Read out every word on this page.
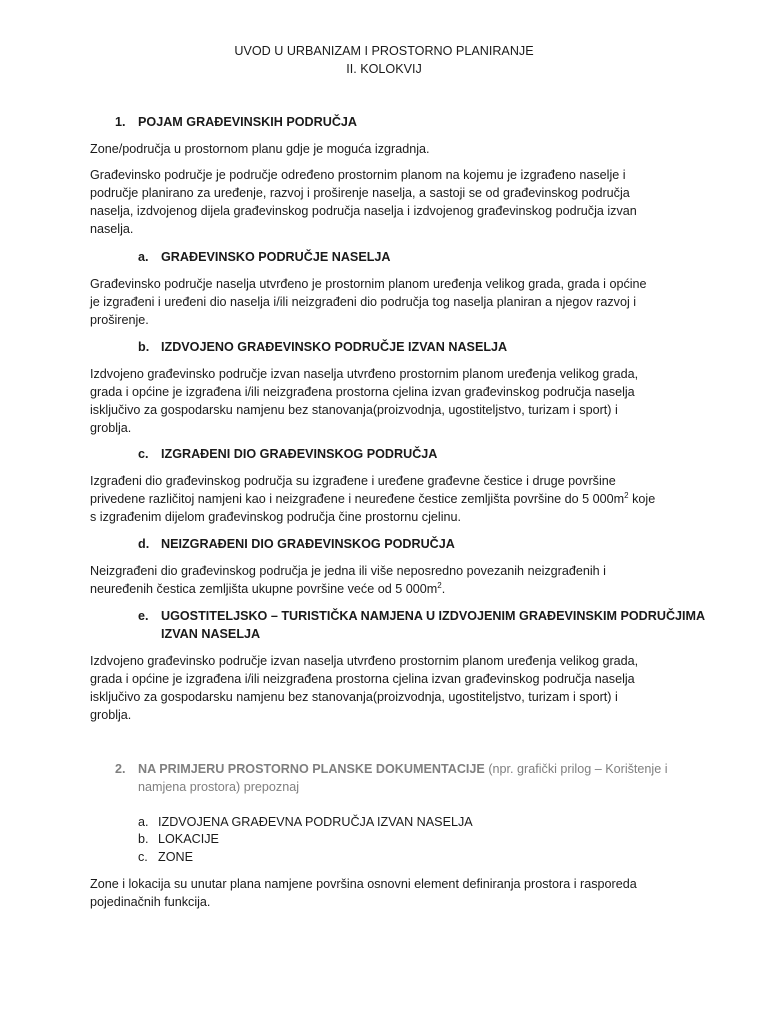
UVOD U URBANIZAM I PROSTORNO PLANIRANJE
II. KOLOKVIJ
1. POJAM GRAĐEVINSKIH PODRUČJA
Zone/područja u prostornom planu gdje je moguća izgradnja.
Građevinsko područje je područje određeno prostornim planom na kojemu je izgrađeno naselje i
područje planirano za uređenje, razvoj i proširenje naselja, a sastoji se od građevinskog područja
naselja, izdvojenog dijela građevinskog područja naselja i izdvojenog građevinskog područja izvan
naselja.
a. GRAĐEVINSKO PODRUČJE NASELJA
Građevinsko područje naselja utvrđeno je prostornim planom uređenja velikog grada, grada i općine
je izgrađeni i uređeni dio naselja i/ili neizgrađeni dio područja tog naselja planiran a njegov razvoj i
proširenje.
b. IZDVOJENO GRAĐEVINSKO PODRUČJE IZVAN NASELJA
Izdvojeno građevinsko područje izvan naselja utvrđeno prostornim planom uređenja velikog grada,
grada i općine je izgrađena i/ili neizgrađena prostorna cjelina izvan građevinskog područja naselja
isključivo za gospodarsku namjenu bez stanovanja(proizvodnja, ugostiteljstvo, turizam i sport) i
groblja.
c. IZGRAĐENI DIO GRAĐEVINSKOG PODRUČJA
Izgrađeni dio građevinskog područja su izgrađene i uređene građevne čestice i druge površine
privedene različitoj namjeni kao i neizgrađene i neuređene čestice zemljišta površine do 5 $000m^2$ koje
s izgrađenim dijelom građevinskog područja čine prostornu cjelinu.
d. NEIZGRAĐENI DIO GRAĐEVINSKOG PODRUČJA
Neizgrađeni dio građevinskog područja je jedna ili više neposredno povezanih neizgrađenih i
neuređenih čestica zemljišta ukupne površine veće od 5 $000m^2$.
e. UGOSTITELJSKO – TURISTIČKA NAMJENA U IZDVOJENIM GRAĐEVINSKIM PODRUČJIMA
IZVAN NASELJA
Izdvojeno građevinsko područje izvan naselja utvrđeno prostornim planom uređenja velikog grada,
grada i općine je izgrađena i/ili neizgrađena prostorna cjelina izvan građevinskog područja naselja
isključivo za gospodarsku namjenu bez stanovanja(proizvodnja, ugostiteljstvo, turizam i sport) i
groblja.
2. NA PRIMJERU PROSTORNO PLANSKE DOKUMENTACIJE (npr. grafički prilog – Korištenje i
namjena prostora) prepoznaj
a. IZDVOJENA GRAĐEVNA PODRUČJA IZVAN NASELJA
b. LOKACIJE
c. ZONE
Zone i lokacija su unutar plana namjene površina osnovni element definiranja prostora i rasporeda
pojedinačnih funkcija.
